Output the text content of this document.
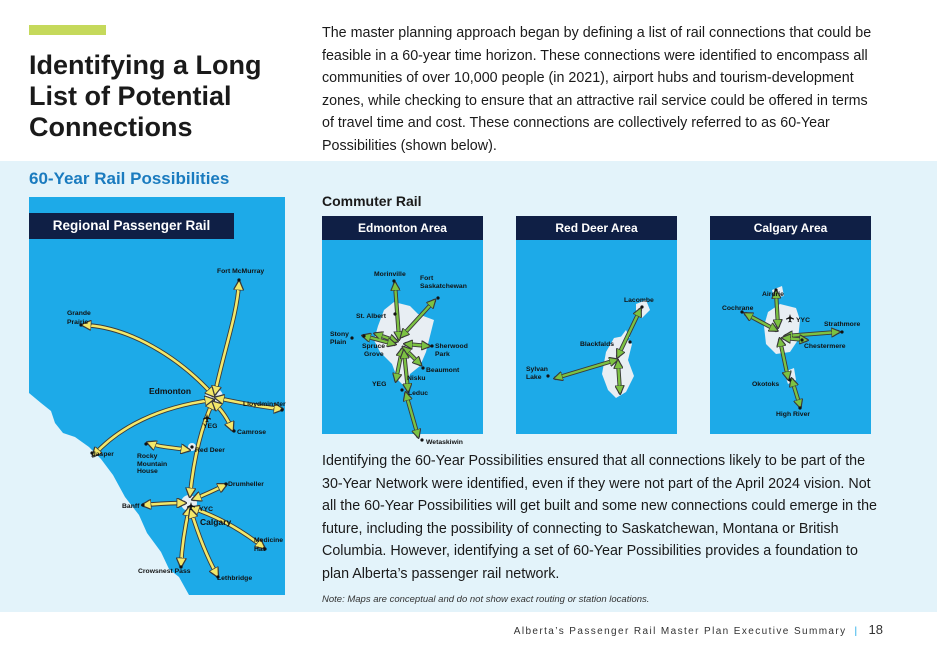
Identifying a Long List of Potential Connections

The master planning approach began by defining a list of rail connections that could be feasible in a 60-year time horizon. These connections were identified to encompass all communities of over 10,000 people (in 2021), airport hubs and tourism-development zones, while checking to ensure that an attractive rail service could be offered in terms of travel time and cost. These connections are collectively referred to as 60-Year Possibilities (shown below).

60-Year Rail Possibilities
Fort McMurray
Grande
Prairie
Edmonton
Lloydminster
YEG
Camrose
Jasper	Rocky
Mountain
House
Red Deer
Drumheller
Banff	YYC
Calgary
Medicine
Hat
Crowsnest Pass
Lethbridge
Regional Passenger Rail
Commuter Rail
Edmonton Area
Morinville
Fort
Saskatchewan
St. Albert
Stony
Plain
Spruce
Grove
Sherwood
Park
Beaumont
Nisku
YEG
Leduc
Wetaskiwin
Red Deer Area
Lacombe
Blackfalds
Sylvan
Lake
Calgary Area
Airdrie
Cochrane
YYC
Strathmore
Chestermere
Okotoks
High River

Identifying the 60-Year Possibilities ensured that all connections likely to be part of the 30-Year Network were identified, even if they were not part of the April 2024 vision. Not all the 60-Year Possibilities will get built and some new connections could emerge in the future, including the possibility of connecting to Saskatchewan, Montana or British Columbia. However, identifying a set of 60-Year Possibilities provides a foundation to plan Alberta’s passenger rail network.

Note: Maps are conceptual and do not show exact routing or station locations.

Alberta’s Passenger Rail Master Plan Executive Summary | 18
